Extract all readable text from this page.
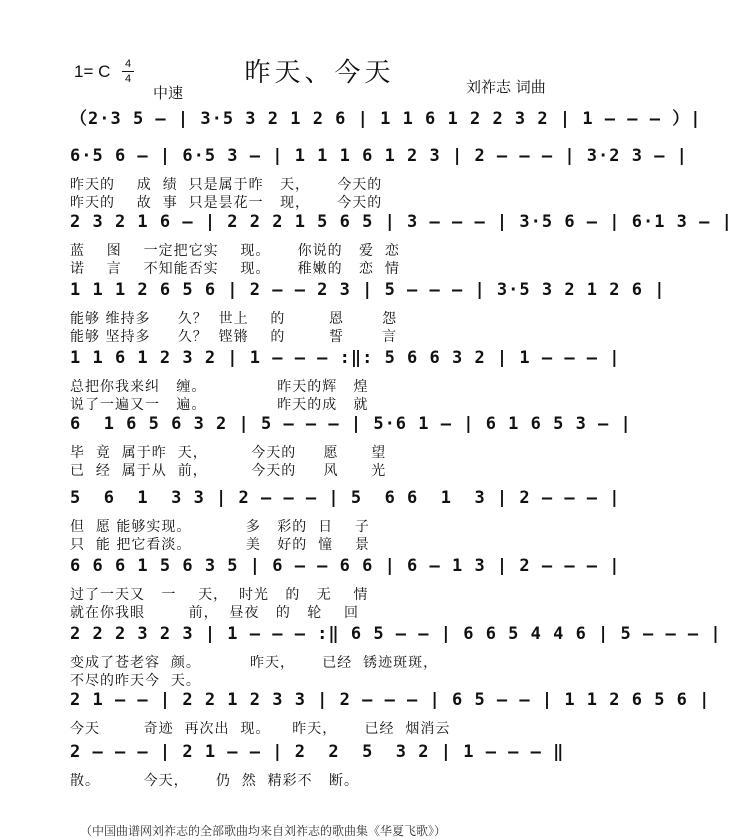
1= C 4
4
中速
昨天、今天	刘祚志 词曲
（2·3 5 — | 3·5 3 2 1 2 6 | 1 1 6 1 2 2 3 2 | 1 — — — ）|
6·5 6 — | 6·5 3 — | 1 1 1 6 1 2 3 | 2 — — — | 3·2 3 — |
昨天的    成  绩  只是属于昨   天，     今天的
昨天的    故  事  只是昙花一   现，     今天的
2 3 2 1 6 — | 2 2 2 1 5 6 5 | 3 — — — | 3·5 6 — | 6·1 3 — |
蓝    图    一定把它实    现。     你说的   爱  恋
诺    言    不知能否实    现。     稚嫩的   恋  情
1 1 1 2 6 5 6 | 2 — — 2 3 | 5 — — — | 3·5 3 2 1 2 6 |
能够 维持多     久？  世上    的        恩       怨
能够 坚持多     久？  铿锵    的        誓       言
1 1 6 1 2 3 2 | 1 — — — :‖: 5 6 6 3 2 | 1 — — — |
总把你我来纠   缠。             昨天的辉   煌
说了一遍又一   遍。             昨天的成   就
6  1 6 5 6 3 2 | 5 — — — | 5·6 1 — | 6 1 6 5 3 — |
毕  竟  属于昨  天，        今天的     愿      望
已  经  属于从  前，        今天的     风      光
5  6  1  3 3 | 2 — — — | 5  6 6  1  3 | 2 — — — |
但  愿 能够实现。          多   彩的  日    子
只  能 把它看淡。          美   好的  憧    景
6 6 6 1 5 6 3 5 | 6 — — 6 6 | 6 — 1 3 | 2 — — — |
过了一天又   一    天，  时光   的   无    情
就在你我眼        前，  昼夜   的   轮    回
2 2 2 3 2 3 | 1 — — — :‖ 6 5 — — | 6 6 5 4 4 6 | 5 — — — |
变成了苍老容  颜。         昨天，     已经  锈迹斑斑，
不尽的昨天今  天。
2 1 — — | 2 2 1 2 3 3 | 2 — — — | 6 5 — — | 1 1 2 6 5 6 |
今天        奇迹  再次出  现。    昨天，     已经  烟消云
2 — — — | 2 1 — — | 2  2  5  3 2 | 1 — — — ‖
散。        今天，     仍  然  精彩不   断。
（中国曲谱网刘祚志的全部歌曲均来自刘祚志的歌曲集《华夏飞歌》）
